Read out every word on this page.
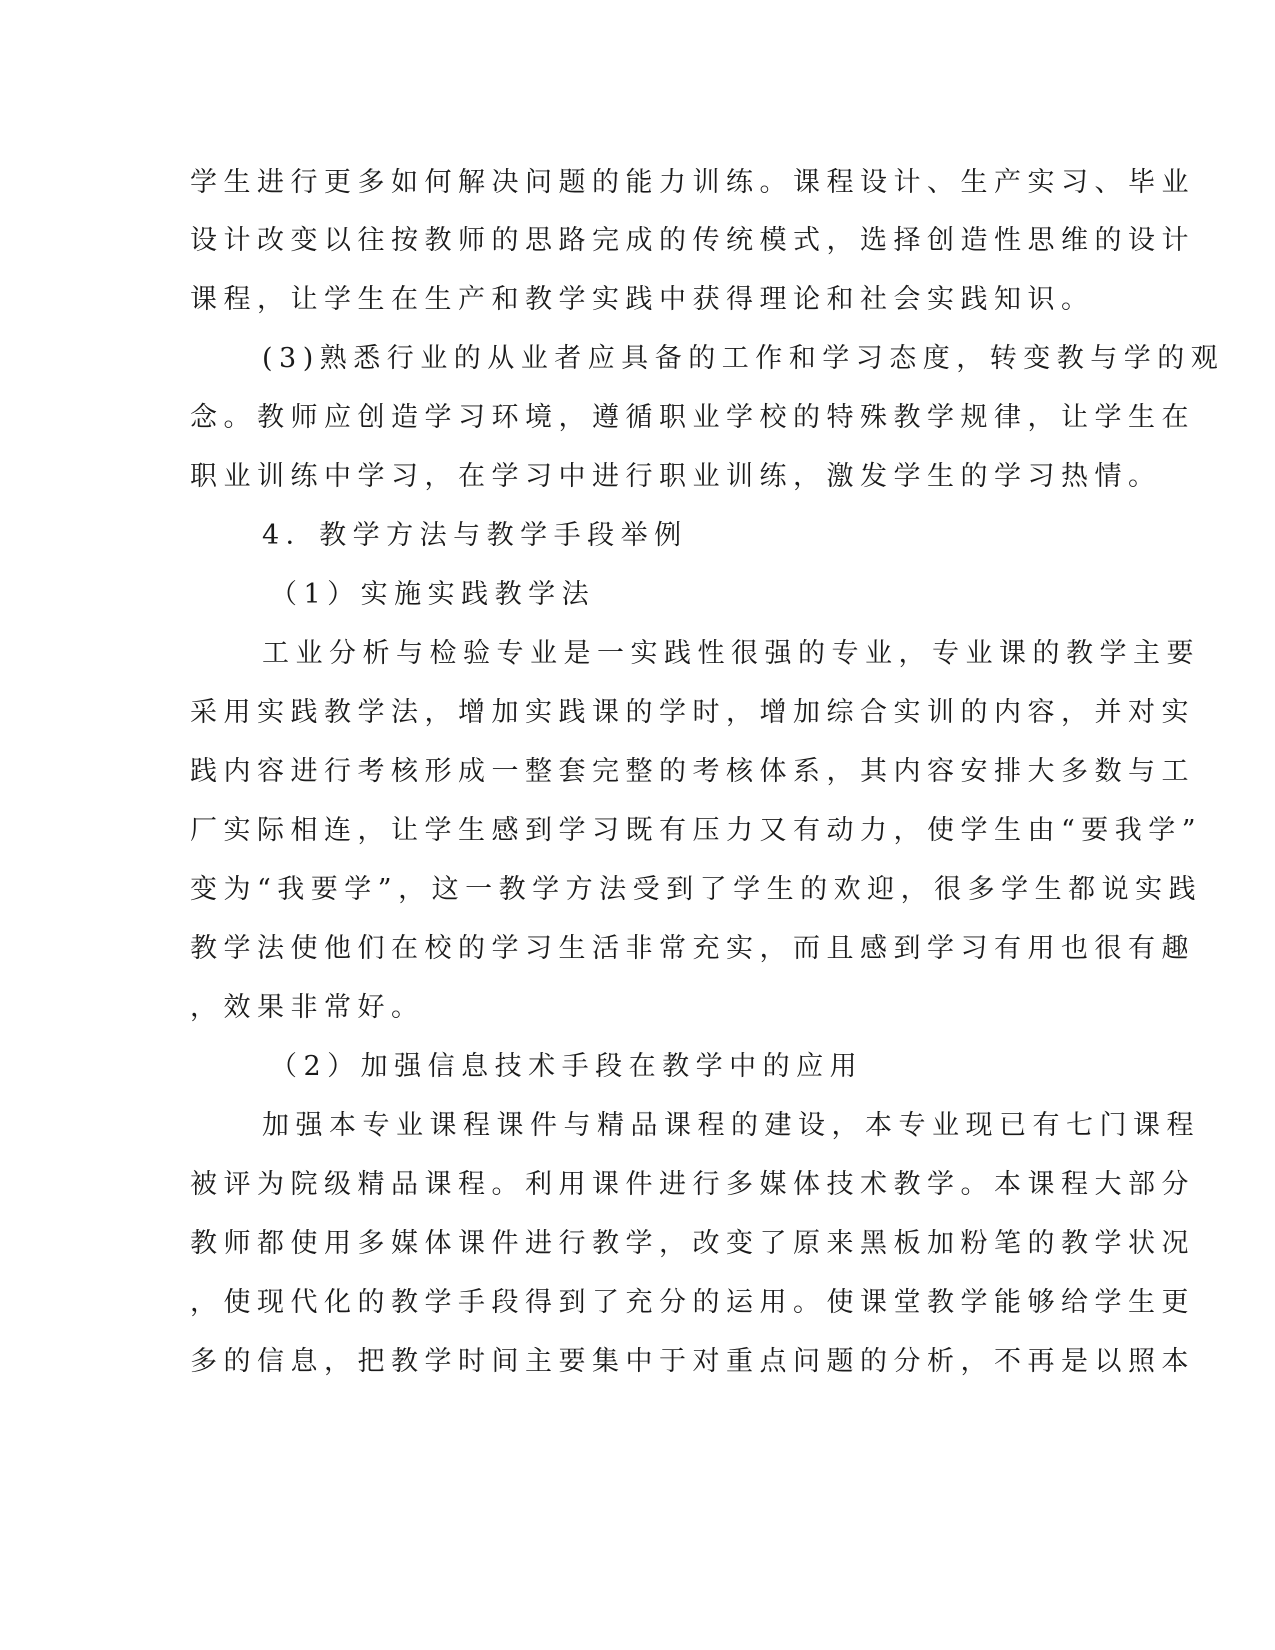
学生进行更多如何解决问题的能力训练。课程设计、生产实习、毕业
设计改变以往按教师的思路完成的传统模式，选择创造性思维的设计
课程，让学生在生产和教学实践中获得理论和社会实践知识。
(3)熟悉行业的从业者应具备的工作和学习态度，转变教与学的观
念。教师应创造学习环境，遵循职业学校的特殊教学规律，让学生在
职业训练中学习，在学习中进行职业训练，激发学生的学习热情。
4．教学方法与教学手段举例
（1）实施实践教学法
工业分析与检验专业是一实践性很强的专业，专业课的教学主要
采用实践教学法，增加实践课的学时，增加综合实训的内容，并对实
践内容进行考核形成一整套完整的考核体系，其内容安排大多数与工
厂实际相连，让学生感到学习既有压力又有动力，使学生由“要我学”
变为“我要学”，这一教学方法受到了学生的欢迎，很多学生都说实践
教学法使他们在校的学习生活非常充实，而且感到学习有用也很有趣
，效果非常好。
（2）加强信息技术手段在教学中的应用
加强本专业课程课件与精品课程的建设，本专业现已有七门课程
被评为院级精品课程。利用课件进行多媒体技术教学。本课程大部分
教师都使用多媒体课件进行教学，改变了原来黑板加粉笔的教学状况
，使现代化的教学手段得到了充分的运用。使课堂教学能够给学生更
多的信息，把教学时间主要集中于对重点问题的分析，不再是以照本
